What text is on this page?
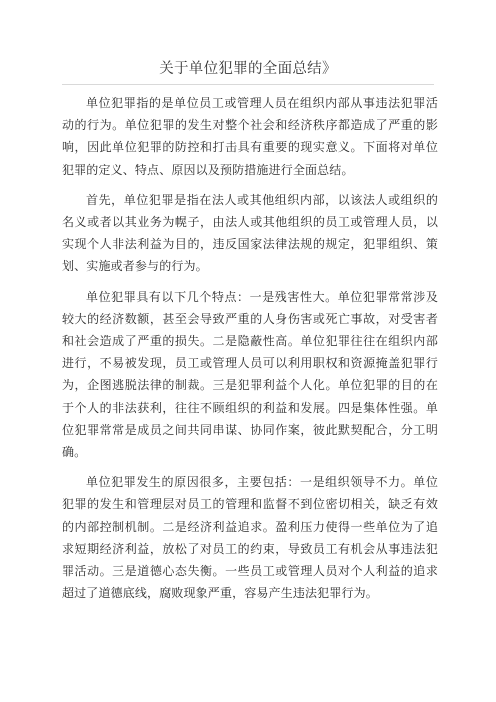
关于单位犯罪的全面总结》

单位犯罪指的是单位员工或管理人员在组织内部从事违法犯罪活动的行为。单位犯罪的发生对整个社会和经济秩序都造成了严重的影响，因此单位犯罪的防控和打击具有重要的现实意义。下面将对单位犯罪的定义、特点、原因以及预防措施进行全面总结。

首先，单位犯罪是指在法人或其他组织内部，以该法人或组织的名义或者以其业务为幌子，由法人或其他组织的员工或管理人员，以实现个人非法利益为目的，违反国家法律法规的规定，犯罪组织、策划、实施或者参与的行为。

单位犯罪具有以下几个特点：一是残害性大。单位犯罪常常涉及较大的经济数额，甚至会导致严重的人身伤害或死亡事故，对受害者和社会造成了严重的损失。二是隐蔽性高。单位犯罪往往在组织内部进行，不易被发现，员工或管理人员可以利用职权和资源掩盖犯罪行为，企图逃脱法律的制裁。三是犯罪利益个人化。单位犯罪的目的在于个人的非法获利，往往不顾组织的利益和发展。四是集体性强。单位犯罪常常是成员之间共同串谋、协同作案，彼此默契配合，分工明确。

单位犯罪发生的原因很多，主要包括：一是组织领导不力。单位犯罪的发生和管理层对员工的管理和监督不到位密切相关，缺乏有效的内部控制机制。二是经济利益追求。盈利压力使得一些单位为了追求短期经济利益，放松了对员工的约束，导致员工有机会从事违法犯罪活动。三是道德心态失衡。一些员工或管理人员对个人利益的追求超过了道德底线，腐败现象严重，容易产生违法犯罪行为。
